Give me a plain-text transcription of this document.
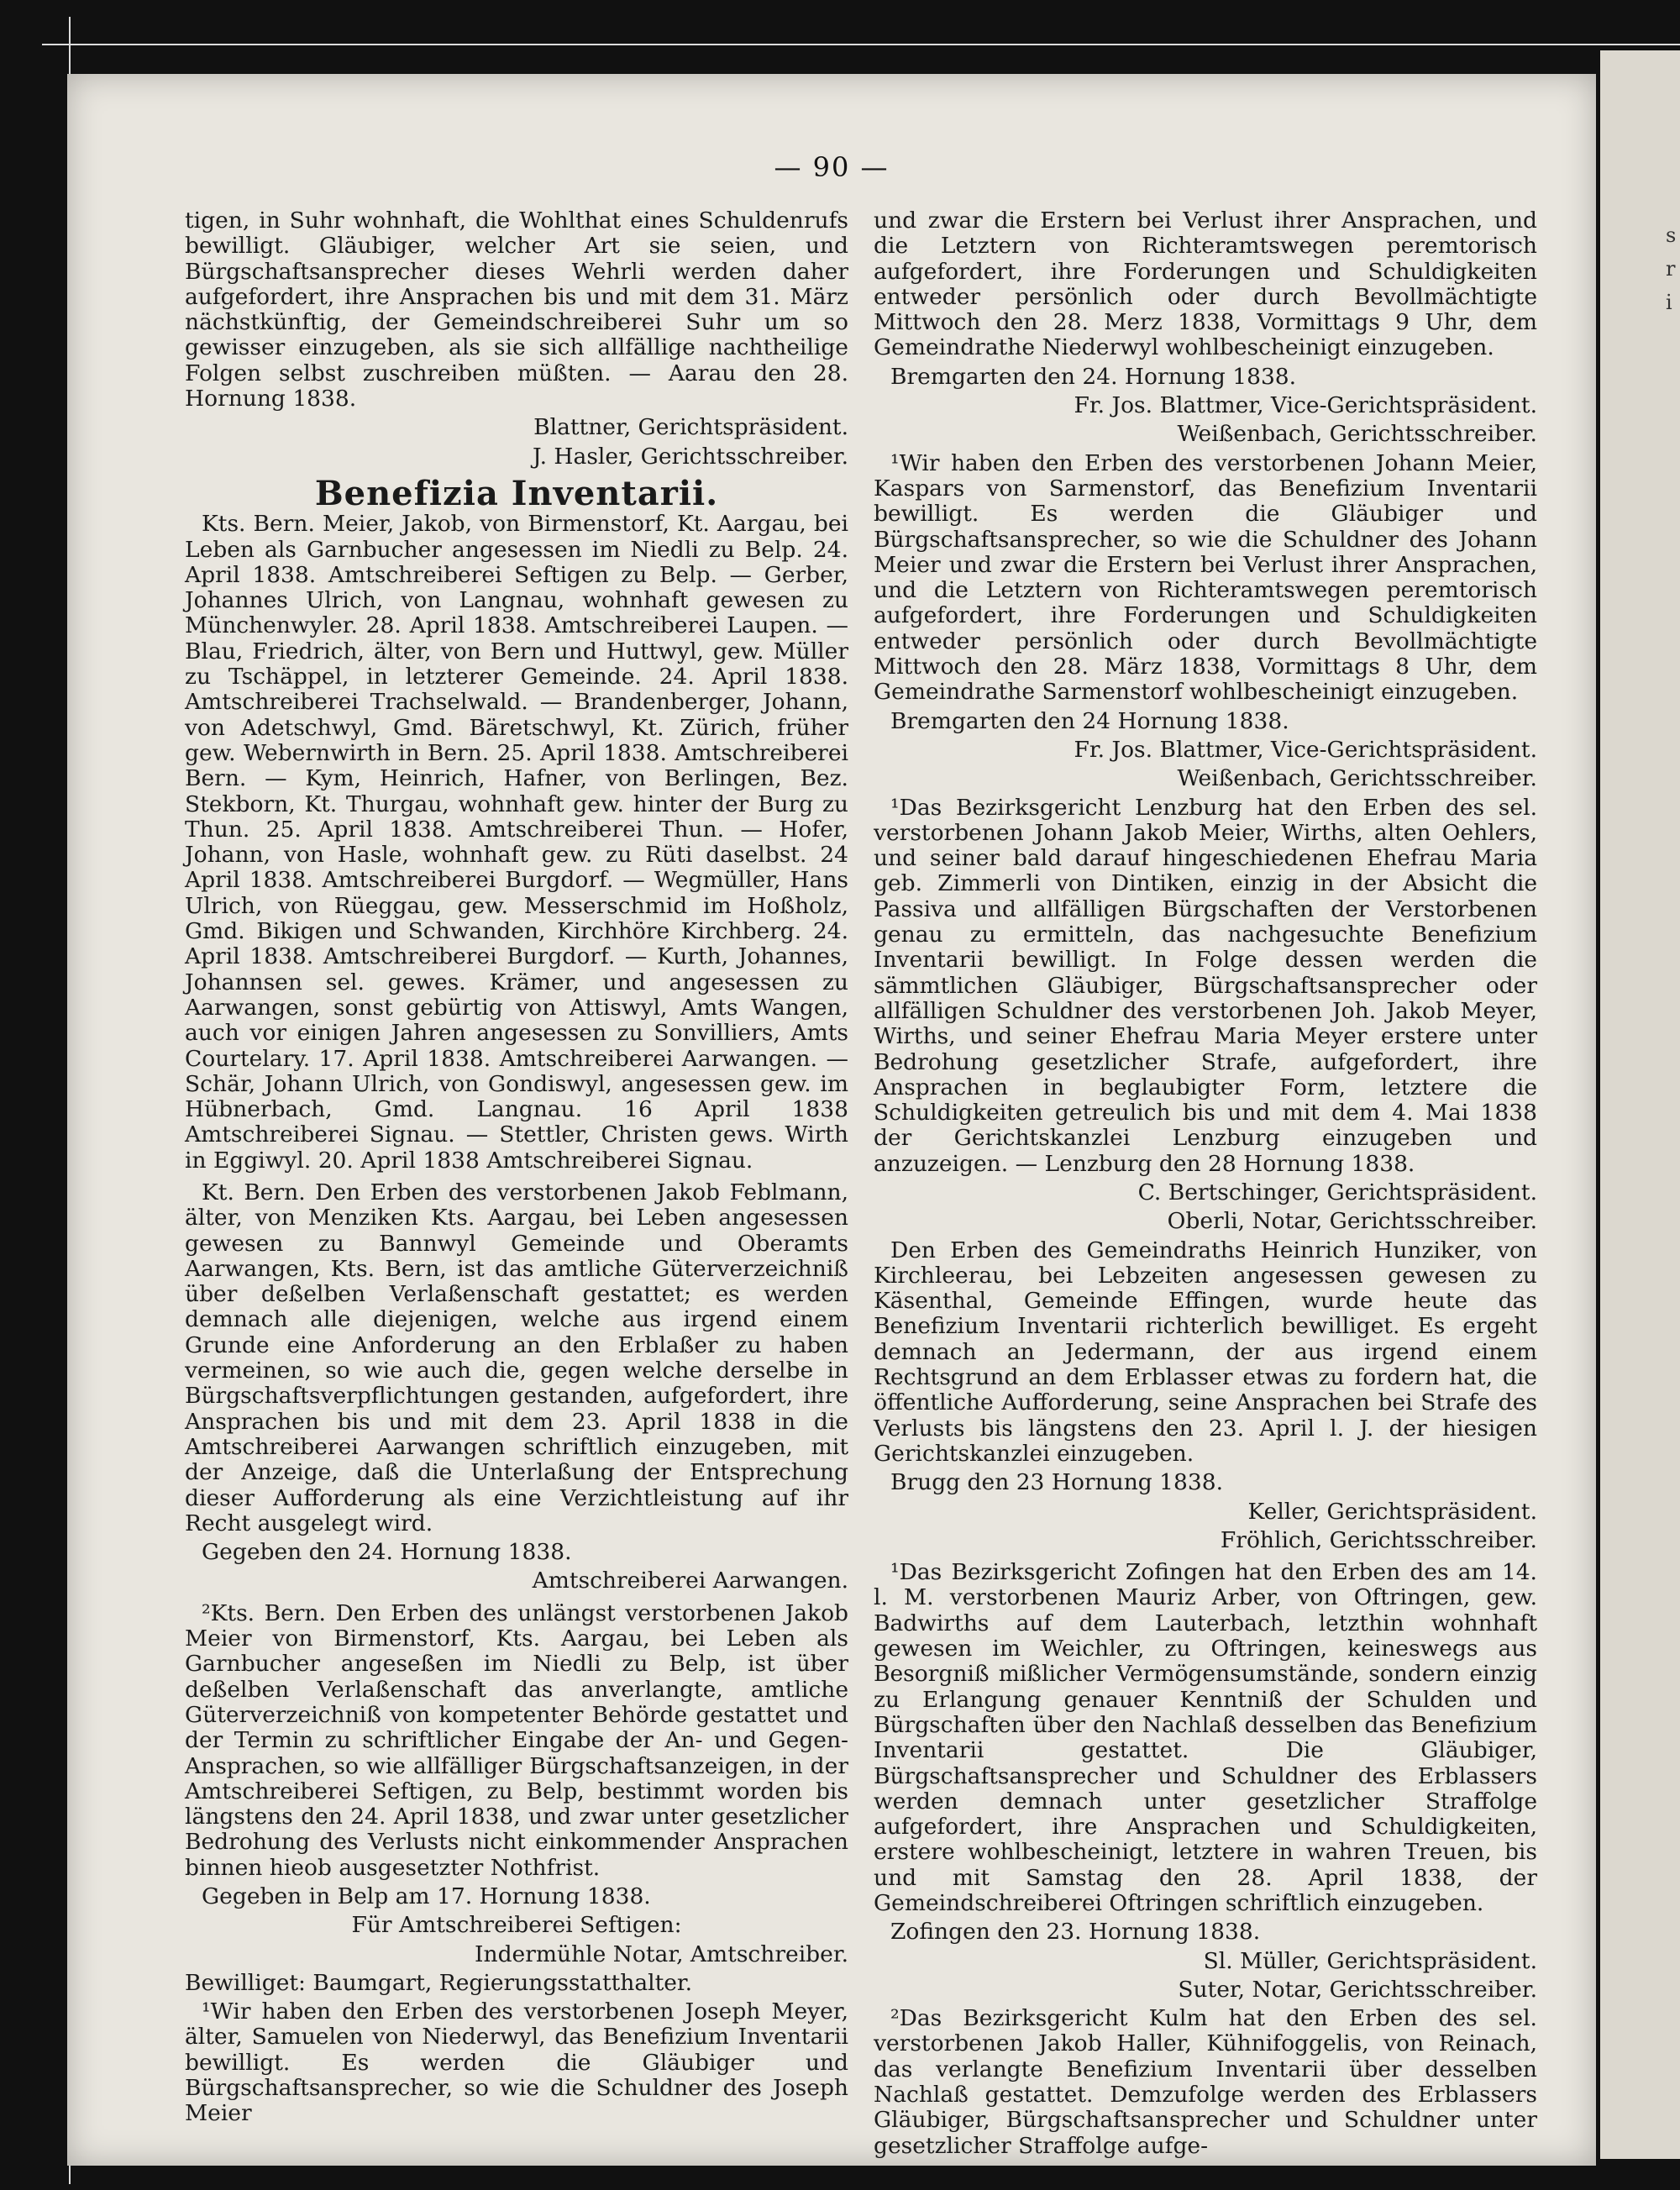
s
r
i
— 90 —

tigen, in Suhr wohnhaft, die Wohlthat eines Schuldenrufs bewilligt. Gläubiger, welcher Art sie seien, und Bürgschaftsansprecher dieses Wehrli werden daher aufgefordert, ihre Ansprachen bis und mit dem 31. März nächstkünftig, der Gemeindschreiberei Suhr um so gewisser einzugeben, als sie sich allfällige nachtheilige Folgen selbst zuschreiben müßten. — Aarau den 28. Hornung 1838.

Blattner, Gerichtspräsident.

J. Hasler, Gerichtsschreiber.

Benefizia Inventarii.

Kts. Bern. Meier, Jakob, von Birmenstorf, Kt. Aargau, bei Leben als Garnbucher angesessen im Niedli zu Belp. 24. April 1838. Amtschreiberei Seftigen zu Belp. — Gerber, Johannes Ulrich, von Langnau, wohnhaft gewesen zu Münchenwyler. 28. April 1838. Amtschreiberei Laupen. — Blau, Friedrich, älter, von Bern und Huttwyl, gew. Müller zu Tschäppel, in letzterer Gemeinde. 24. April 1838. Amtschreiberei Trachselwald. — Brandenberger, Johann, von Adetschwyl, Gmd. Bäretschwyl, Kt. Zürich, früher gew. Webernwirth in Bern. 25. April 1838. Amtschreiberei Bern. — Kym, Heinrich, Hafner, von Berlingen, Bez. Stekborn, Kt. Thurgau, wohnhaft gew. hinter der Burg zu Thun. 25. April 1838. Amtschreiberei Thun. — Hofer, Johann, von Hasle, wohnhaft gew. zu Rüti daselbst. 24 April 1838. Amtschreiberei Burgdorf. — Wegmüller, Hans Ulrich, von Rüeggau, gew. Messerschmid im Hoßholz, Gmd. Bikigen und Schwanden, Kirchhöre Kirchberg. 24. April 1838. Amtschreiberei Burgdorf. — Kurth, Johannes, Johannsen sel. gewes. Krämer, und angesessen zu Aarwangen, sonst gebürtig von Attiswyl, Amts Wangen, auch vor einigen Jahren angesessen zu Sonvilliers, Amts Courtelary. 17. April 1838. Amtschreiberei Aarwangen. — Schär, Johann Ulrich, von Gondiswyl, angesessen gew. im Hübnerbach, Gmd. Langnau. 16 April 1838 Amtschreiberei Signau. — Stettler, Christen gews. Wirth in Eggiwyl. 20. April 1838 Amtschreiberei Signau.

Kt. Bern. Den Erben des verstorbenen Jakob Feblmann, älter, von Menziken Kts. Aargau, bei Leben angesessen gewesen zu Bannwyl Gemeinde und Oberamts Aarwangen, Kts. Bern, ist das amtliche Güterverzeichniß über deßelben Verlaßenschaft gestattet; es werden demnach alle diejenigen, welche aus irgend einem Grunde eine Anforderung an den Erblaßer zu haben vermeinen, so wie auch die, gegen welche derselbe in Bürgschaftsverpflichtungen gestanden, aufgefordert, ihre Ansprachen bis und mit dem 23. April 1838 in die Amtschreiberei Aarwangen schriftlich einzugeben, mit der Anzeige, daß die Unterlaßung der Entsprechung dieser Aufforderung als eine Verzichtleistung auf ihr Recht ausgelegt wird.

Gegeben den 24. Hornung 1838.

Amtschreiberei Aarwangen.

²Kts. Bern. Den Erben des unlängst verstorbenen Jakob Meier von Birmenstorf, Kts. Aargau, bei Leben als Garnbucher angeseßen im Niedli zu Belp, ist über deßelben Verlaßenschaft das anverlangte, amtliche Güterverzeichniß von kompetenter Behörde gestattet und der Termin zu schriftlicher Eingabe der An- und Gegen-Ansprachen, so wie allfälliger Bürgschaftsanzeigen, in der Amtschreiberei Seftigen, zu Belp, bestimmt worden bis längstens den 24. April 1838, und zwar unter gesetzlicher Bedrohung des Verlusts nicht einkommender Ansprachen binnen hieob ausgesetzter Nothfrist.

Gegeben in Belp am 17. Hornung 1838.

Für Amtschreiberei Seftigen:

Indermühle Notar, Amtschreiber.

Bewilliget: Baumgart, Regierungsstatthalter.

¹Wir haben den Erben des verstorbenen Joseph Meyer, älter, Samuelen von Niederwyl, das Benefizium Inventarii bewilligt. Es werden die Gläubiger und Bürgschaftsansprecher, so wie die Schuldner des Joseph Meier

und zwar die Erstern bei Verlust ihrer Ansprachen, und die Letztern von Richteramtswegen peremtorisch aufgefordert, ihre Forderungen und Schuldigkeiten entweder persönlich oder durch Bevollmächtigte Mittwoch den 28. Merz 1838, Vormittags 9 Uhr, dem Gemeindrathe Niederwyl wohlbescheinigt einzugeben.

Bremgarten den 24. Hornung 1838.

Fr. Jos. Blattmer, Vice-Gerichtspräsident.

Weißenbach, Gerichtsschreiber.

¹Wir haben den Erben des verstorbenen Johann Meier, Kaspars von Sarmenstorf, das Benefizium Inventarii bewilligt. Es werden die Gläubiger und Bürgschaftsansprecher, so wie die Schuldner des Johann Meier und zwar die Erstern bei Verlust ihrer Ansprachen, und die Letztern von Richteramtswegen peremtorisch aufgefordert, ihre Forderungen und Schuldigkeiten entweder persönlich oder durch Bevollmächtigte Mittwoch den 28. März 1838, Vormittags 8 Uhr, dem Gemeindrathe Sarmenstorf wohlbescheinigt einzugeben.

Bremgarten den 24 Hornung 1838.

Fr. Jos. Blattmer, Vice-Gerichtspräsident.

Weißenbach, Gerichtsschreiber.

¹Das Bezirksgericht Lenzburg hat den Erben des sel. verstorbenen Johann Jakob Meier, Wirths, alten Oehlers, und seiner bald darauf hingeschiedenen Ehefrau Maria geb. Zimmerli von Dintiken, einzig in der Absicht die Passiva und allfälligen Bürgschaften der Verstorbenen genau zu ermitteln, das nachgesuchte Benefizium Inventarii bewilligt. In Folge dessen werden die sämmtlichen Gläubiger, Bürgschaftsansprecher oder allfälligen Schuldner des verstorbenen Joh. Jakob Meyer, Wirths, und seiner Ehefrau Maria Meyer erstere unter Bedrohung gesetzlicher Strafe, aufgefordert, ihre Ansprachen in beglaubigter Form, letztere die Schuldigkeiten getreulich bis und mit dem 4. Mai 1838 der Gerichtskanzlei Lenzburg einzugeben und anzuzeigen. — Lenzburg den 28 Hornung 1838.

C. Bertschinger, Gerichtspräsident.

Oberli, Notar, Gerichtsschreiber.

Den Erben des Gemeindraths Heinrich Hunziker, von Kirchleerau, bei Lebzeiten angesessen gewesen zu Käsenthal, Gemeinde Effingen, wurde heute das Benefizium Inventarii richterlich bewilliget. Es ergeht demnach an Jedermann, der aus irgend einem Rechtsgrund an dem Erblasser etwas zu fordern hat, die öffentliche Aufforderung, seine Ansprachen bei Strafe des Verlusts bis längstens den 23. April l. J. der hiesigen Gerichtskanzlei einzugeben.

Brugg den 23 Hornung 1838.

Keller, Gerichtspräsident.

Fröhlich, Gerichtsschreiber.

¹Das Bezirksgericht Zofingen hat den Erben des am 14. l. M. verstorbenen Mauriz Arber, von Oftringen, gew. Badwirths auf dem Lauterbach, letzthin wohnhaft gewesen im Weichler, zu Oftringen, keineswegs aus Besorgniß mißlicher Vermögensumstände, sondern einzig zu Erlangung genauer Kenntniß der Schulden und Bürgschaften über den Nachlaß desselben das Benefizium Inventarii gestattet. Die Gläubiger, Bürgschaftsansprecher und Schuldner des Erblassers werden demnach unter gesetzlicher Straffolge aufgefordert, ihre Ansprachen und Schuldigkeiten, erstere wohlbescheinigt, letztere in wahren Treuen, bis und mit Samstag den 28. April 1838, der Gemeindschreiberei Oftringen schriftlich einzugeben.

Zofingen den 23. Hornung 1838.

Sl. Müller, Gerichtspräsident.

Suter, Notar, Gerichtsschreiber.

²Das Bezirksgericht Kulm hat den Erben des sel. verstorbenen Jakob Haller, Kühnifoggelis, von Reinach, das verlangte Benefizium Inventarii über desselben Nachlaß gestattet. Demzufolge werden des Erblassers Gläubiger, Bürgschaftsansprecher und Schuldner unter gesetzlicher Straffolge aufge-
